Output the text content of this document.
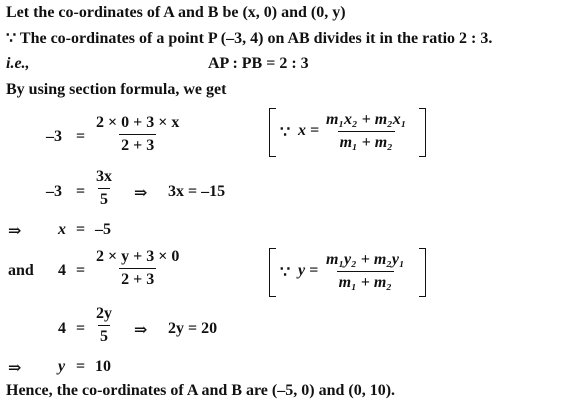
Let the co-ordinates of A and B be (x, 0) and (0, y)
∵ The co-ordinates of a point P (–3, 4) on AB divides it in the ratio 2 : 3.
i.e.,	AP : PB = 2 : 3
By using section formula, we get
$-3 = \frac{2 \times 0 + 3 \times x}{2 + 3}$	∵ $x = \frac{\text{m₁x₂ + m₂x₁}}{\text{m₁ + m₂}}$
$-3 = \frac{3x}{5}$ ⇒ 3x = –15
⇒ x = –5
and $4 = \frac{2 \times y + 3 \times 0}{2 + 3}$	∵ $y = \frac{\text{m₁y₂ + m₂y₁}}{\text{m₁ + m₂}}$
$4 = \frac{2y}{5}$ ⇒ 2y = 20
⇒ y = 10
Hence, the co-ordinates of A and B are (–5, 0) and (0, 10).
